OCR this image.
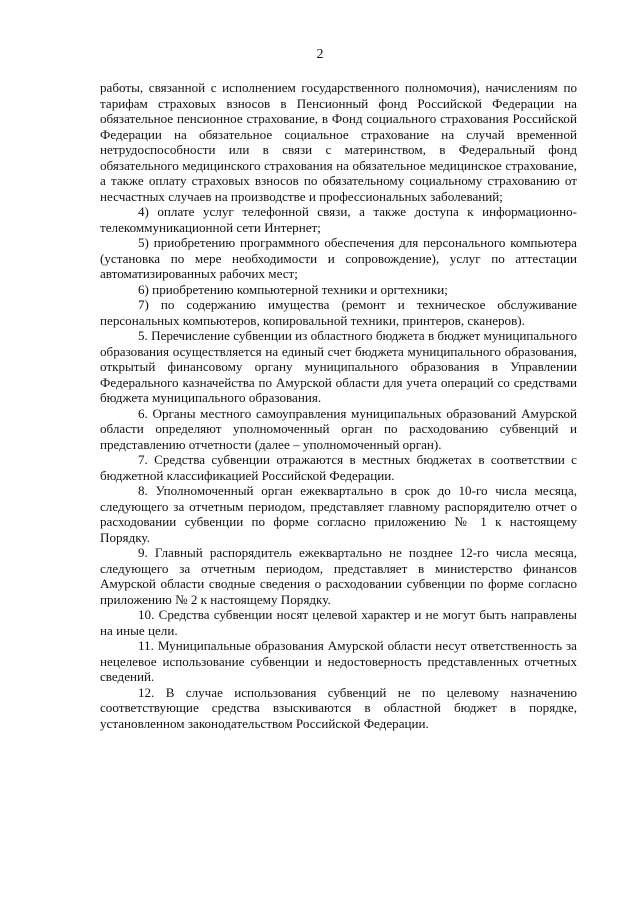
2

работы, связанной с исполнением государственного полномочия), начислениям по тарифам страховых взносов в Пенсионный фонд Российской Федерации на обязательное пенсионное страхование, в Фонд социального страхования Российской Федерации на обязательное социальное страхование на случай временной нетрудоспособности или в связи с материнством, в Федеральный фонд обязательного медицинского страхования на обязательное медицинское страхование, а также оплату страховых взносов по обязательному социальному страхованию от несчастных случаев на производстве и профессиональных заболеваний;

4) оплате услуг телефонной связи, а также доступа к информационно-телекоммуникационной сети Интернет;

5) приобретению программного обеспечения для персонального компьютера (установка по мере необходимости и сопровождение), услуг по аттестации автоматизированных рабочих мест;

6) приобретению компьютерной техники и оргтехники;

7) по содержанию имущества (ремонт и техническое обслуживание персональных компьютеров, копировальной техники, принтеров, сканеров).

5. Перечисление субвенции из областного бюджета в бюджет муниципального образования осуществляется на единый счет бюджета муниципального образования, открытый финансовому органу муниципального образования в Управлении Федерального казначейства по Амурской области для учета операций со средствами бюджета муниципального образования.

6. Органы местного самоуправления муниципальных образований Амурской области определяют уполномоченный орган по расходованию субвенций и представлению отчетности (далее – уполномоченный орган).

7. Средства субвенции отражаются в местных бюджетах в соответствии с бюджетной классификацией Российской Федерации.

8. Уполномоченный орган ежеквартально в срок до 10-го числа месяца, следующего за отчетным периодом, представляет главному распорядителю отчет о расходовании субвенции по форме согласно приложению № 1 к настоящему Порядку.

9. Главный распорядитель ежеквартально не позднее 12-го числа месяца, следующего за отчетным периодом, представляет в министерство финансов Амурской области сводные сведения о расходовании субвенции по форме согласно приложению № 2 к настоящему Порядку.

10. Средства субвенции носят целевой характер и не могут быть направлены на иные цели.

11. Муниципальные образования Амурской области несут ответственность за нецелевое использование субвенции и недостоверность представленных отчетных сведений.

12. В случае использования субвенций не по целевому назначению соответствующие средства взыскиваются в областной бюджет в порядке, установленном законодательством Российской Федерации.
